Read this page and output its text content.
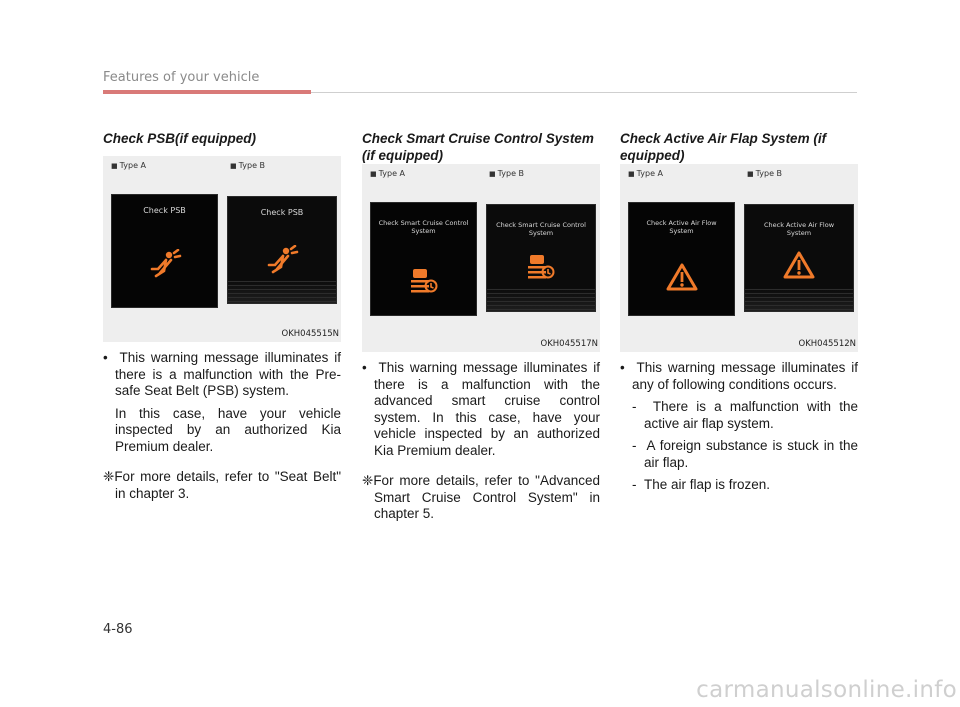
Features of your vehicle
Check PSB(if equipped)
■ Type A	■ Type B
Check PSB	Check PSB
OKH045515N

•  This warning message illuminates if there is a malfunction with the Pre-safe Seat Belt (PSB) system.

In this case, have your vehicle inspected by an authorized Kia Premium dealer.

❈For more details, refer to "Seat Belt" in chapter 3.

Check Smart Cruise Control System (if equipped)
■ Type A	■ Type B
Check Smart Cruise Control System
Check Smart Cruise Control System
OKH045517N

•  This warning message illuminates if there is a malfunction with the advanced smart cruise control system. In this case, have your vehicle inspected by an authorized Kia Premium dealer.

❈For more details, refer to "Advanced Smart Cruise Control System" in chapter 5.

Check Active Air Flap System (if equipped)
■ Type A	■ Type B
Check Active Air Flow System
Check Active Air Flow System
OKH045512N

•  This warning message illuminates if any of following conditions occurs.

-  There is a malfunction with the active air flap system.

-  A foreign substance is stuck in the air flap.

-  The air flap is frozen.

4-86
carmanualsonline.info
